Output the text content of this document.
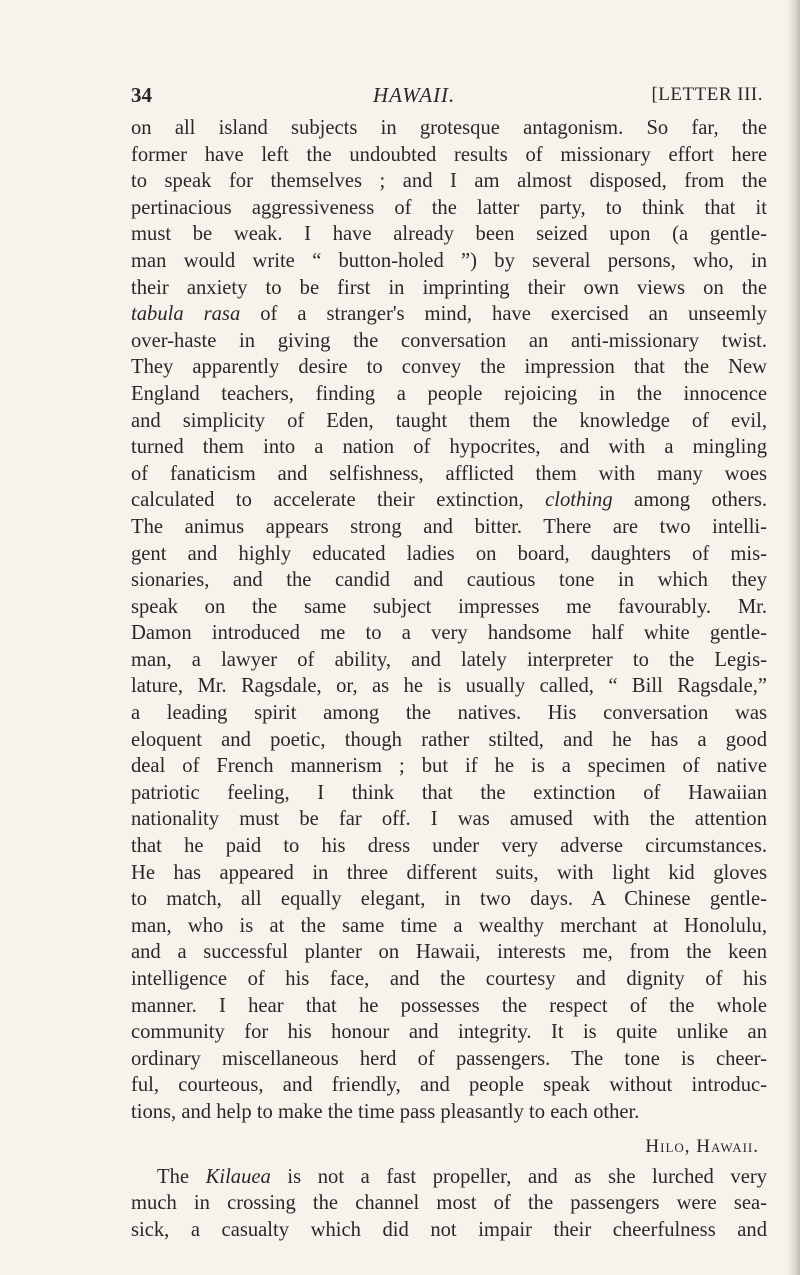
34	HAWAII.	[LETTER III.
on all island subjects in grotesque antagonism. So far, the
former have left the undoubted results of missionary effort here
to speak for themselves ; and I am almost disposed, from the
pertinacious aggressiveness of the latter party, to think that it
must be weak. I have already been seized upon (a gentle-
man would write “ button-holed ”) by several persons, who, in
their anxiety to be first in imprinting their own views on the
tabula rasa of a stranger's mind, have exercised an unseemly
over-haste in giving the conversation an anti-missionary twist.
They apparently desire to convey the impression that the New
England teachers, finding a people rejoicing in the innocence
and simplicity of Eden, taught them the knowledge of evil,
turned them into a nation of hypocrites, and with a mingling
of fanaticism and selfishness, afflicted them with many woes
calculated to accelerate their extinction, clothing among others.
The animus appears strong and bitter. There are two intelli-
gent and highly educated ladies on board, daughters of mis-
sionaries, and the candid and cautious tone in which they
speak on the same subject impresses me favourably. Mr.
Damon introduced me to a very handsome half white gentle-
man, a lawyer of ability, and lately interpreter to the Legis-
lature, Mr. Ragsdale, or, as he is usually called, “ Bill Ragsdale,”
a leading spirit among the natives. His conversation was
eloquent and poetic, though rather stilted, and he has a good
deal of French mannerism ; but if he is a specimen of native
patriotic feeling, I think that the extinction of Hawaiian
nationality must be far off. I was amused with the attention
that he paid to his dress under very adverse circumstances.
He has appeared in three different suits, with light kid gloves
to match, all equally elegant, in two days. A Chinese gentle-
man, who is at the same time a wealthy merchant at Honolulu,
and a successful planter on Hawaii, interests me, from the keen
intelligence of his face, and the courtesy and dignity of his
manner. I hear that he possesses the respect of the whole
community for his honour and integrity. It is quite unlike an
ordinary miscellaneous herd of passengers. The tone is cheer-
ful, courteous, and friendly, and people speak without introduc-
tions, and help to make the time pass pleasantly to each other.
Hilo, Hawaii.
The Kilauea is not a fast propeller, and as she lurched very
much in crossing the channel most of the passengers were sea-
sick, a casualty which did not impair their cheerfulness and
